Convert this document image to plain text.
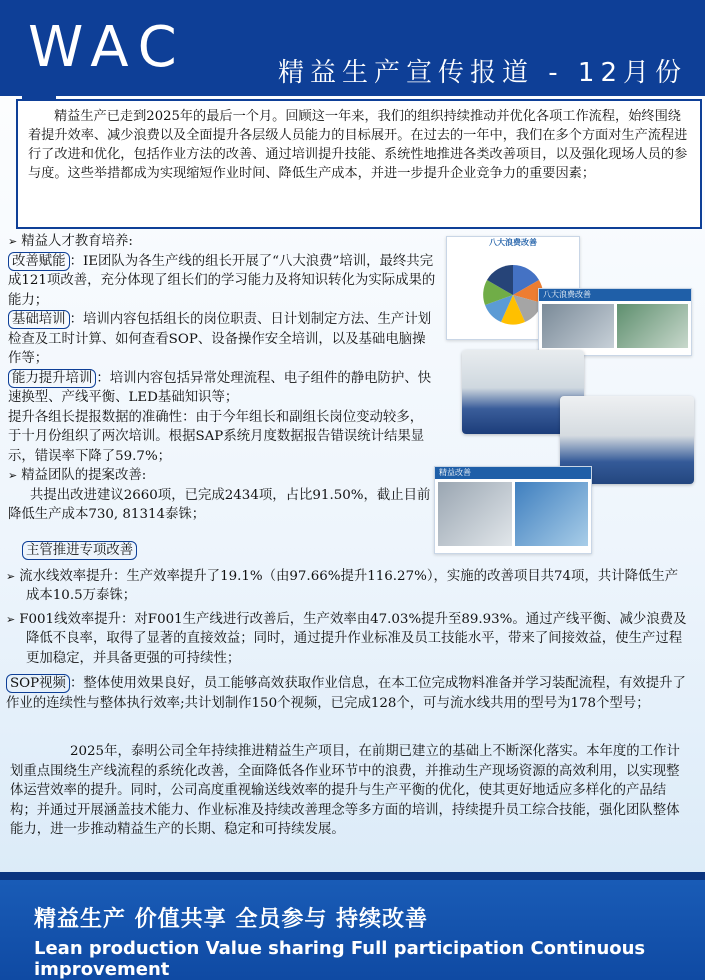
WAC	精益生产宣传报道 - 12月份
精益生产已走到2025年的最后一个月。回顾这一年来，我们的组织持续推动并优化各项工作流程，始终围绕着提升效率、减少浪费以及全面提升各层级人员能力的目标展开。在过去的一年中，我们在多个方面对生产流程进行了改进和优化，包括作业方法的改善、通过培训提升技能、系统性地推进各类改善项目，以及强化现场人员的参与度。这些举措都成为实现缩短作业时间、降低生产成本，并进一步提升企业竞争力的重要因素；
➢ 精益人才教育培养:
改善赋能 ：IE团队为各生产线的组长开展了“八大浪费”培训，最终共完成121项改善，充分体现了组长们的学习能力及将知识转化为实际成果的能力；
基础培训 ：培训内容包括组长的岗位职责、日计划制定方法、生产计划检查及工时计算、如何查看SOP、设备操作安全培训，以及基础电脑操作等；
能力提升培训 ：培训内容包括异常处理流程、电子组件的静电防护、快速换型、产线平衡、LED基础知识等；
提升各组长提报数据的准确性：由于今年组长和副组长岗位变动较多，于十月份组织了两次培训。根据SAP系统月度数据报告错误统计结果显示，错误率下降了59.7%；
➢ 精益团队的提案改善:
共提出改进建议2660项，已完成2434项，占比91.50%，截止目前降低生产成本730, 81314泰铢；
八大浪费改善
八大浪费改善
精益改善
主管推进专项改善
➢ 流水线效率提升：生产效率提升了19.1%（由97.66%提升116.27%），实施的改善项目共74项，共计降低生产成本10.5万泰铢；
➢ F001线效率提升：对F001生产线进行改善后，生产效率由47.03%提升至89.93%。通过产线平衡、减少浪费及降低不良率，取得了显著的直接效益；同时，通过提升作业标准及员工技能水平，带来了间接效益，使生产过程更加稳定，并具备更强的可持续性；
SOP视频 ：整体使用效果良好，员工能够高效获取作业信息，在本工位完成物料准备并学习装配流程，有效提升了作业的连续性与整体执行效率;共计划制作150个视频，已完成128个，可与流水线共用的型号为178个型号；
2025年，泰明公司全年持续推进精益生产项目，在前期已建立的基础上不断深化落实。本年度的工作计划重点围绕生产线流程的系统化改善，全面降低各作业环节中的浪费，并推动生产现场资源的高效利用，以实现整体运营效率的提升。同时，公司高度重视输送线效率的提升与生产平衡的优化，使其更好地适应多样化的产品结构；并通过开展涵盖技术能力、作业标准及持续改善理念等多方面的培训，持续提升员工综合技能，强化团队整体能力，进一步推动精益生产的长期、稳定和可持续发展。
精益生产 价值共享 全员参与 持续改善
Lean production Value sharing Full participation Continuous improvement
